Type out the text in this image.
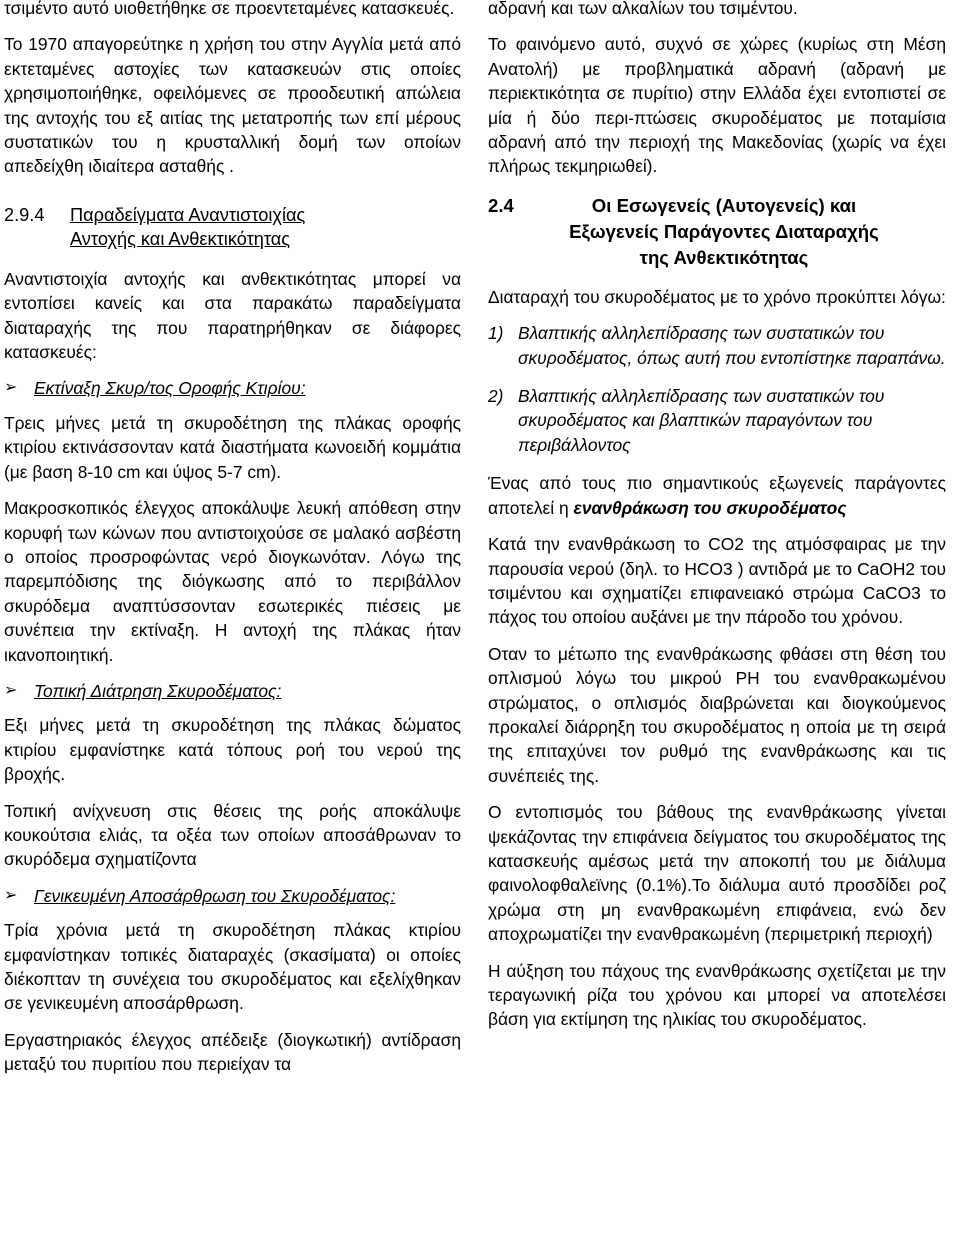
τσιμέντο αυτό υιοθετήθηκε σε προεντεταμένες κατασκευές.

Το 1970 απαγορεύτηκε η χρήση του στην Αγγλία μετά από εκτεταμένες αστοχίες των κατασκευών στις οποίες χρησιμοποιήθηκε, οφειλόμενες σε προοδευτική απώλεια της αντοχής του εξ αιτίας της μετατροπής των επί μέρους συστατικών του η κρυσταλλική δομή των οποίων απεδείχθη ιδιαίτερα ασταθής .

2.9.4 Παραδείγματα Αναντιστοιχίας
Αντοχής και Ανθεκτικότητας

Αναντιστοιχία αντοχής και ανθεκτικότητας μπορεί να εντοπίσει κανείς και στα παρακάτω παραδείγματα διαταραχής της που παρατηρήθηκαν σε διάφορες κατασκευές:

➢ Εκτίναξη Σκυρ/τος Οροφής Κτιρίου:

Τρεις μήνες μετά τη σκυροδέτηση της πλάκας οροφής κτιρίου εκτινάσσονταν κατά διαστήματα κωνοειδή κομμάτια (με βαση 8-10 cm και ύψος 5-7 cm).

Μακροσκοπικός έλεγχος αποκάλυψε λευκή απόθεση στην κορυφή των κώνων που αντιστοιχούσε σε μαλακό ασβέστη ο οποίος προσροφώντας νερό διογκωνόταν. Λόγω της παρεμπόδισης της διόγκωσης από το περιβάλλον σκυρόδεμα αναπτύσσονταν εσωτερικές πιέσεις με συνέπεια την εκτίναξη. Η αντοχή της πλάκας ήταν ικανοποιητική.

➢ Τοπική Διάτρηση Σκυροδέματος:

Εξι μήνες μετά τη σκυροδέτηση της πλάκας δώματος κτιρίου εμφανίστηκε κατά τόπους ροή του νερού της βροχής.

Τοπική ανίχνευση στις θέσεις της ροής αποκάλυψε κουκούτσια ελιάς, τα οξέα των οποίων αποσάθρωναν το σκυρόδεμα σχηματίζοντα

➢ Γενικευμένη Αποσάρθρωση του Σκυροδέματος:

Τρία χρόνια μετά τη σκυροδέτηση πλάκας κτιρίου εμφανίστηκαν τοπικές διαταραχές (σκασίματα) οι οποίες διέκοπταν τη συνέχεια του σκυροδέματος και εξελίχθηκαν σε γενικευμένη αποσάρθρωση.

Εργαστηριακός έλεγχος απέδειξε (διογκωτική) αντίδραση μεταξύ του πυριτίου που περιείχαν τα

αδρανή και των αλκαλίων του τσιμέντου.

Το φαινόμενο αυτό, συχνό σε χώρες (κυρίως στη Μέση Ανατολή) με προβληματικά αδρανή (αδρανή με περιεκτικότητα σε πυρίτιο) στην Ελλάδα έχει εντοπιστεί σε μία ή δύο περι-πτώσεις σκυροδέματος με ποταμίσια αδρανή από την περιοχή της Μακεδονίας (χωρίς να έχει πλήρως τεκμηριωθεί).

2.4	Οι Εσωγενείς (Αυτογενείς) και
Εξωγενείς Παράγοντες Διαταραχής
της Ανθεκτικότητας

Διαταραχή του σκυροδέματος με το χρόνο προκύπτει λόγω:

1) Βλαπτικής αλληλεπίδρασης των συστατικών του σκυροδέματος, όπως αυτή που εντοπίστηκε παραπάνω.
2) Βλαπτικής αλληλεπίδρασης των συστατικών του σκυροδέματος και βλαπτικών παραγόντων του περιβάλλοντος

Ένας από τους πιο σημαντικούς εξωγενείς παράγοντες αποτελεί η ενανθράκωση του σκυροδέματος

Κατά την ενανθράκωση το CO2 της ατμόσφαιρας με την παρουσία νερού (δηλ. το HCO3 ) αντιδρά με το CaOH2 του τσιμέντου και σχηματίζει επιφανειακό στρώμα CaCO3 το πάχος του οποίου αυξάνει με την πάροδο του χρόνου.

Οταν το μέτωπο της ενανθράκωσης φθάσει στη θέση του οπλισμού λόγω του μικρού PH του ενανθρακωμένου στρώματος, ο οπλισμός διαβρώνεται και διογκούμενος προκαλεί διάρρηξη του σκυροδέματος η οποία με τη σειρά της επιταχύνει τον ρυθμό της ενανθράκωσης και τις συνέπειές της.

Ο εντοπισμός του βάθους της ενανθράκωσης γίνεται ψεκάζοντας την επιφάνεια δείγματος του σκυροδέματος της κατασκευής αμέσως μετά την αποκοπή του με διάλυμα φαινολοφθαλεϊνης (0.1%).Το διάλυμα αυτό προσδίδει ροζ χρώμα στη μη ενανθρακωμένη επιφάνεια, ενώ δεν αποχρωματίζει την ενανθρακωμένη (περιμετρική περιοχή)

Η αύξηση του πάχους της ενανθράκωσης σχετίζεται με την τεραγωνική ρίζα του χρόνου και μπορεί να αποτελέσει βάση για εκτίμηση της ηλικίας του σκυροδέματος.
